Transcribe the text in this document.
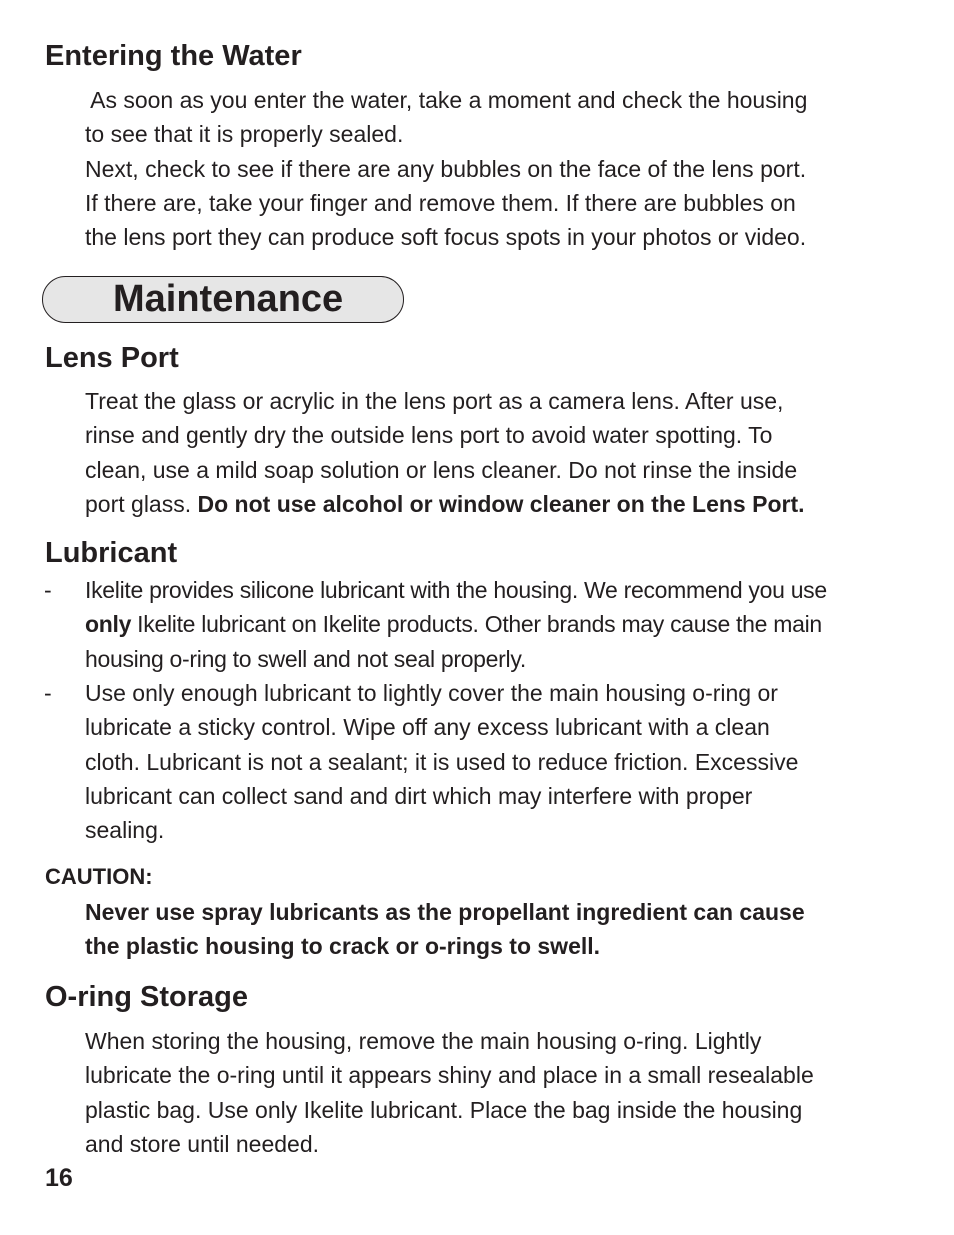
Entering the Water
As soon as you enter the water, take a moment and check the housing
to see that it is properly sealed.
Next, check to see if there are any bubbles on the face of the lens port.
If there are, take your finger and remove them. If there are bubbles on
the lens port they can produce soft focus spots in your photos or video.
Maintenance
Lens Port
Treat the glass or acrylic in the lens port as a camera lens. After use,
rinse and gently dry the outside lens port to avoid water spotting. To
clean, use a mild soap solution or lens cleaner. Do not rinse the inside
port glass. Do not use alcohol or window cleaner on the Lens Port.
Lubricant
- Ikelite provides silicone lubricant with the housing. We recommend you use
only Ikelite lubricant on Ikelite products. Other brands may cause the main
housing o-ring to swell and not seal properly.
- Use only enough lubricant to lightly cover the main housing o-ring or
lubricate a sticky control. Wipe off any excess lubricant with a clean
cloth. Lubricant is not a sealant; it is used to reduce friction. Excessive
lubricant can collect sand and dirt which may interfere with proper
sealing.

CAUTION:

Never use spray lubricants as the propellant ingredient can cause
the plastic housing to crack or o-rings to swell.
O-ring Storage
When storing the housing, remove the main housing o-ring. Lightly
lubricate the o-ring until it appears shiny and place in a small resealable
plastic bag. Use only Ikelite lubricant. Place the bag inside the housing
and store until needed.
16
